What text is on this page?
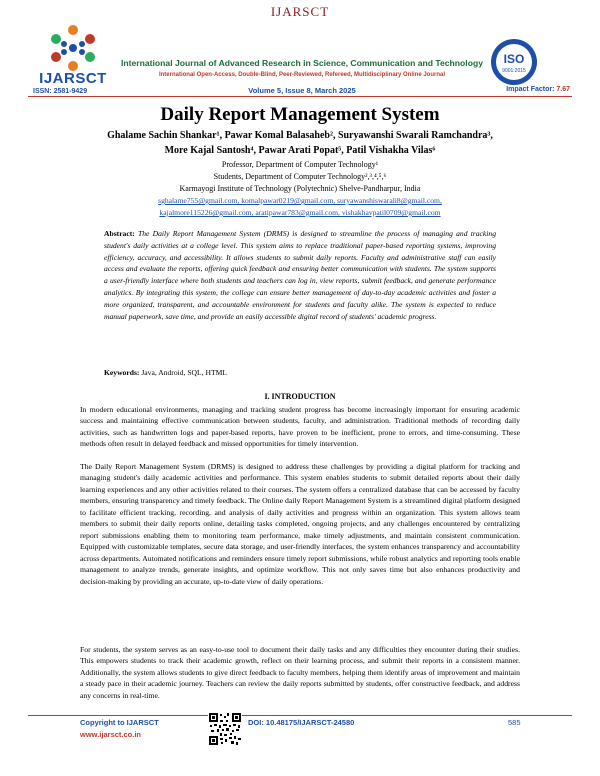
IJARSCT
IJARSCT
ISSN: 2581-9429
International Journal of Advanced Research in Science, Communication and Technology
International Open-Access, Double-Blind, Peer-Reviewed, Refereed, Multidisciplinary Online Journal
Volume 5, Issue 8, March 2025
ISO
9001:2015
Impact Factor: 7.67
Daily Report Management System
Ghalame Sachin Shankar¹, Pawar Komal Balasaheb², Suryawanshi Swarali Ramchandra³,
More Kajal Santosh⁴, Pawar Arati Popat⁵, Patil Vishakha Vilas⁶
Professor, Department of Computer Technology¹
Students, Department of Computer Technology²,³,⁴,⁵,⁶
Karmayogi Institute of Technology (Polytechnic) Shelve-Pandharpur, India
sghalame755@gmail.com, komalpawar0219@gmail.com, suryawanshiswarali8@gmail.com,
kajalmore115226@gmail.com, aratipawar783@gmail.com, vishakhavpatil0709@gmail.com
Abstract: The Daily Report Management System (DRMS) is designed to streamline the process of managing and tracking student's daily activities at a college level. This system aims to replace traditional paper-based reporting systems, improving efficiency, accuracy, and accessibility. It allows students to submit daily reports. Faculty and administrative staff can easily access and evaluate the reports, offering quick feedback and ensuring better communication with students. The system supports a user-friendly interface where both students and teachers can log in, view reports, submit feedback, and generate performance analytics. By integrating this system, the college can ensure better management of day-to-day academic activities and foster a more organized, transparent, and accountable environment for students and faculty alike. The system is expected to reduce manual paperwork, save time, and provide an easily accessible digital record of students' academic progress.
Keywords: Java, Android, SQL, HTML
I. INTRODUCTION
In modern educational environments, managing and tracking student progress has become increasingly important for ensuring academic success and maintaining effective communication between students, faculty, and administration. Traditional methods of recording daily activities, such as handwritten logs and paper-based reports, have proven to be inefficient, prone to errors, and time-consuming. These methods often result in delayed feedback and missed opportunities for timely intervention.
The Daily Report Management System (DRMS) is designed to address these challenges by providing a digital platform for tracking and managing student's daily academic activities and performance. This system enables students to submit detailed reports about their daily learning experiences and any other activities related to their courses. The system offers a centralized database that can be accessed by faculty members, ensuring transparency and timely feedback. The Online daily Report Management System is a streamlined digital platform designed to facilitate efficient tracking, recording, and analysis of daily activities and progress within an organization. This system allows team members to submit their daily reports online, detailing tasks completed, ongoing projects, and any challenges encountered by centralizing report submissions enabling them to monitoring team performance, make timely adjustments, and maintain consistent communication. Equipped with customizable templates, secure data storage, and user-friendly interfaces, the system enhances transparency and accountability across departments. Automated notifications and reminders ensure timely report submissions, while robust analytics and reporting tools enable management to analyze trends, generate insights, and optimize workflow. This not only saves time but also enhances productivity and decision-making by providing an accurate, up-to-date view of daily operations.
For students, the system serves as an easy-to-use tool to document their daily tasks and any difficulties they encounter during their studies. This empowers students to track their academic growth, reflect on their learning process, and submit their reports in a consistent manner. Additionally, the system allows students to give direct feedback to faculty members, helping them identify areas of improvement and maintain a steady pace in their academic journey. Teachers can review the daily reports submitted by students, offer constructive feedback, and address any concerns in real-time.
Copyright to IJARSCT
www.ijarsct.co.in
DOI: 10.48175/IJARSCT-24580	585
